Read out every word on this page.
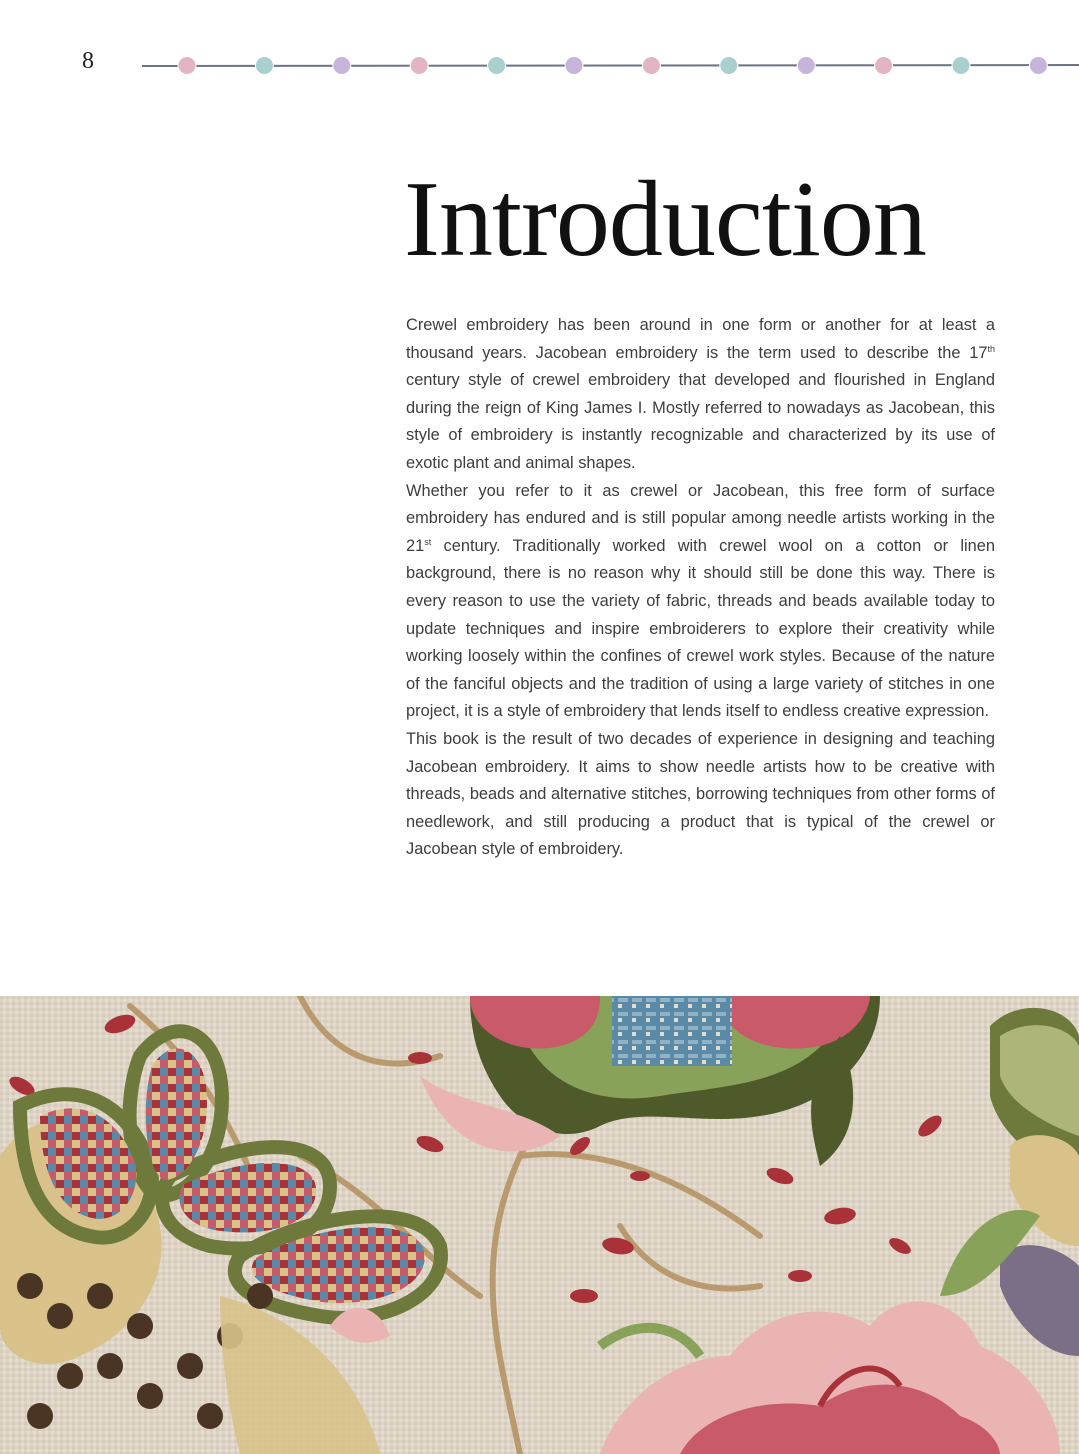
8
Introduction

Crewel embroidery has been around in one form or another for at least a thousand years. Jacobean embroidery is the term used to describe the 17th century style of crewel embroidery that developed and flourished in England during the reign of King James I. Mostly referred to nowadays as Jacobean, this style of embroidery is instantly recognizable and characterized by its use of exotic plant and animal shapes.

Whether you refer to it as crewel or Jacobean, this free form of surface embroidery has endured and is still popular among needle artists working in the 21st century. Traditionally worked with crewel wool on a cotton or linen background, there is no reason why it should still be done this way. There is every reason to use the variety of fabric, threads and beads available today to update techniques and inspire embroiderers to explore their creativity while working loosely within the confines of crewel work styles. Because of the nature of the fanciful objects and the tradition of using a large variety of stitches in one project, it is a style of embroidery that lends itself to endless creative expression.

This book is the result of two decades of experience in designing and teaching Jacobean embroidery. It aims to show needle artists how to be creative with threads, beads and alternative stitches, borrowing techniques from other forms of needlework, and still producing a product that is typical of the crewel or Jacobean style of embroidery.
